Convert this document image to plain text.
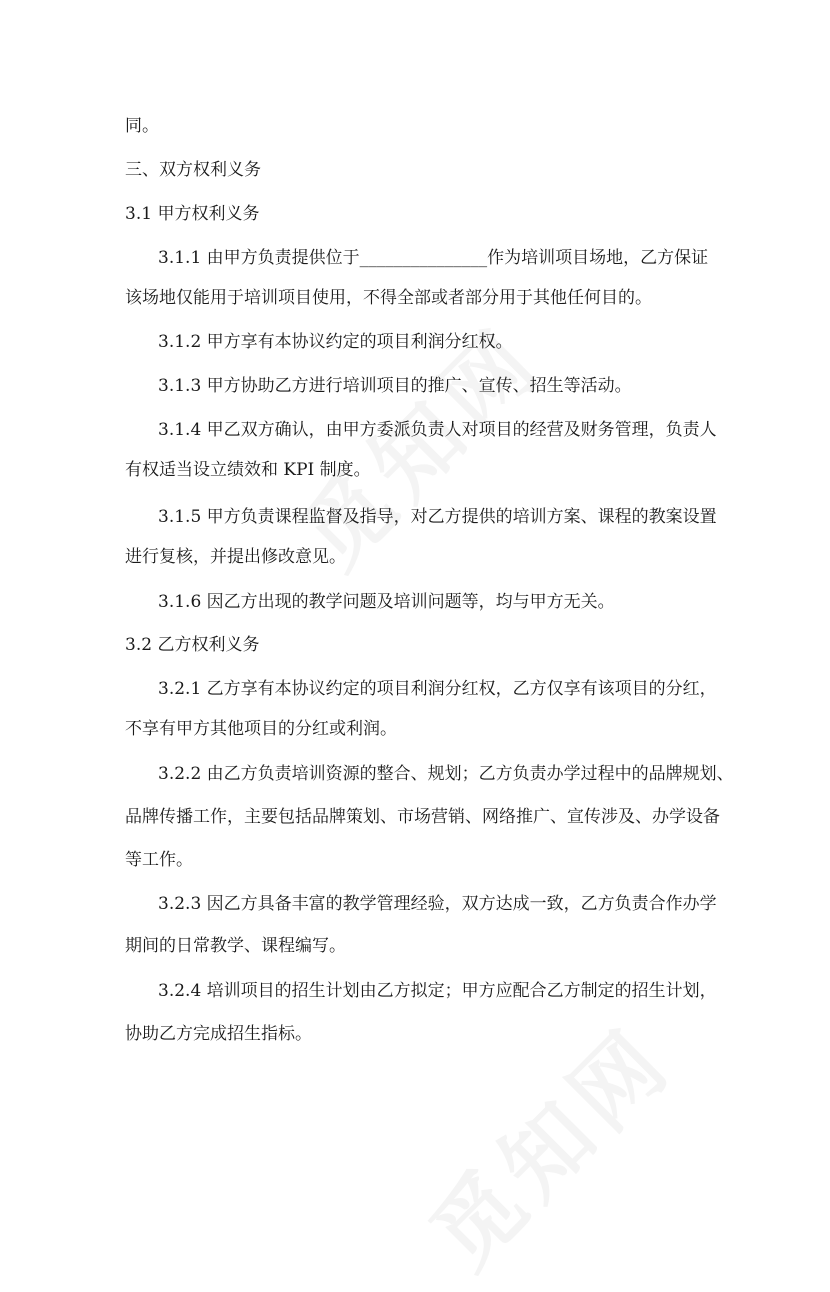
同。
三、双方权利义务
3.1 甲方权利义务
3.1.1 由甲方负责提供位于_______________作为培训项目场地，乙方保证
该场地仅能用于培训项目使用，不得全部或者部分用于其他任何目的。
3.1.2 甲方享有本协议约定的项目利润分红权。
3.1.3 甲方协助乙方进行培训项目的推广、宣传、招生等活动。
3.1.4 甲乙双方确认，由甲方委派负责人对项目的经营及财务管理，负责人
有权适当设立绩效和 KPI 制度。
3.1.5 甲方负责课程监督及指导，对乙方提供的培训方案、课程的教案设置
进行复核，并提出修改意见。
3.1.6 因乙方出现的教学问题及培训问题等，均与甲方无关。
3.2 乙方权利义务
3.2.1 乙方享有本协议约定的项目利润分红权，乙方仅享有该项目的分红，
不享有甲方其他项目的分红或利润。
3.2.2 由乙方负责培训资源的整合、规划；乙方负责办学过程中的品牌规划、
品牌传播工作，主要包括品牌策划、市场营销、网络推广、宣传涉及、办学设备
等工作。
3.2.3 因乙方具备丰富的教学管理经验，双方达成一致，乙方负责合作办学
期间的日常教学、课程编写。
3.2.4 培训项目的招生计划由乙方拟定；甲方应配合乙方制定的招生计划，
协助乙方完成招生指标。
